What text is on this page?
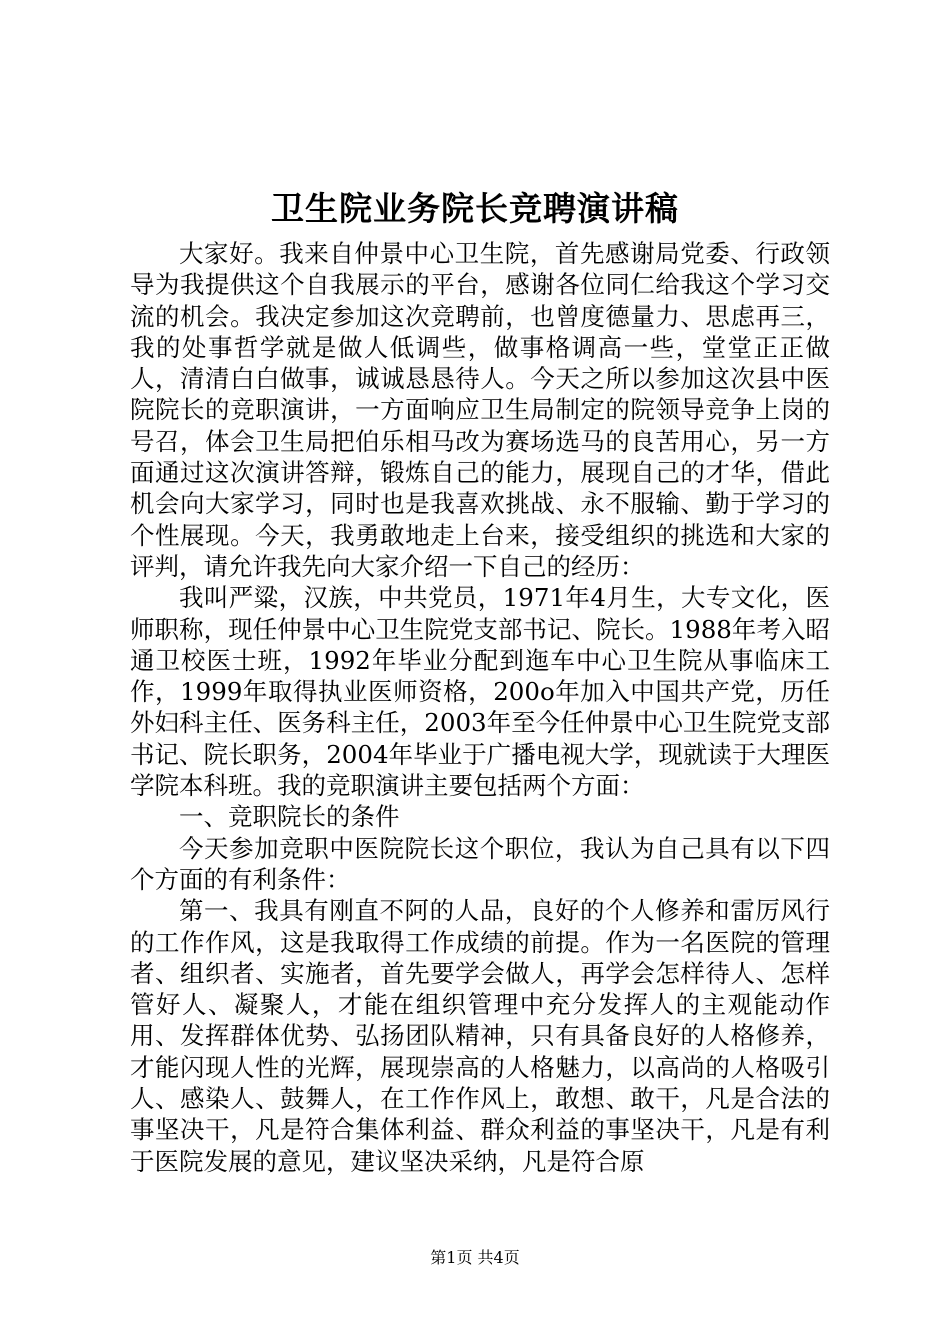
卫生院业务院长竞聘演讲稿

大家好。我来自仲景中心卫生院，首先感谢局党委、行政领导为我提供这个自我展示的平台，感谢各位同仁给我这个学习交流的机会。我决定参加这次竞聘前，也曾度德量力、思虑再三，我的处事哲学就是做人低调些，做事格调高一些，堂堂正正做人，清清白白做事，诚诚恳恳待人。今天之所以参加这次县中医院院长的竞职演讲，一方面响应卫生局制定的院领导竞争上岗的号召，体会卫生局把伯乐相马改为赛场选马的良苦用心，另一方面通过这次演讲答辩，锻炼自己的能力，展现自己的才华，借此机会向大家学习，同时也是我喜欢挑战、永不服输、勤于学习的个性展现。今天，我勇敢地走上台来，接受组织的挑选和大家的评判，请允许我先向大家介绍一下自己的经历：

我叫严粱，汉族，中共党员，1971年4月生，大专文化，医师职称，现任仲景中心卫生院党支部书记、院长。1988年考入昭通卫校医士班，1992年毕业分配到迤车中心卫生院从事临床工作，1999年取得执业医师资格，200o年加入中国共产党，历任外妇科主任、医务科主任，2003年至今任仲景中心卫生院党支部书记、院长职务，2004年毕业于广播电视大学，现就读于大理医学院本科班。我的竞职演讲主要包括两个方面：

一、竞职院长的条件

今天参加竞职中医院院长这个职位，我认为自己具有以下四个方面的有利条件：

第一、我具有刚直不阿的人品，良好的个人修养和雷厉风行的工作作风，这是我取得工作成绩的前提。作为一名医院的管理者、组织者、实施者，首先要学会做人，再学会怎样待人、怎样管好人、凝聚人，才能在组织管理中充分发挥人的主观能动作用、发挥群体优势、弘扬团队精神，只有具备良好的人格修养，才能闪现人性的光辉，展现崇高的人格魅力，以高尚的人格吸引人、感染人、鼓舞人，在工作作风上，敢想、敢干，凡是合法的事坚决干，凡是符合集体利益、群众利益的事坚决干，凡是有利于医院发展的意见，建议坚决采纳，凡是符合原

第1页 共4页
